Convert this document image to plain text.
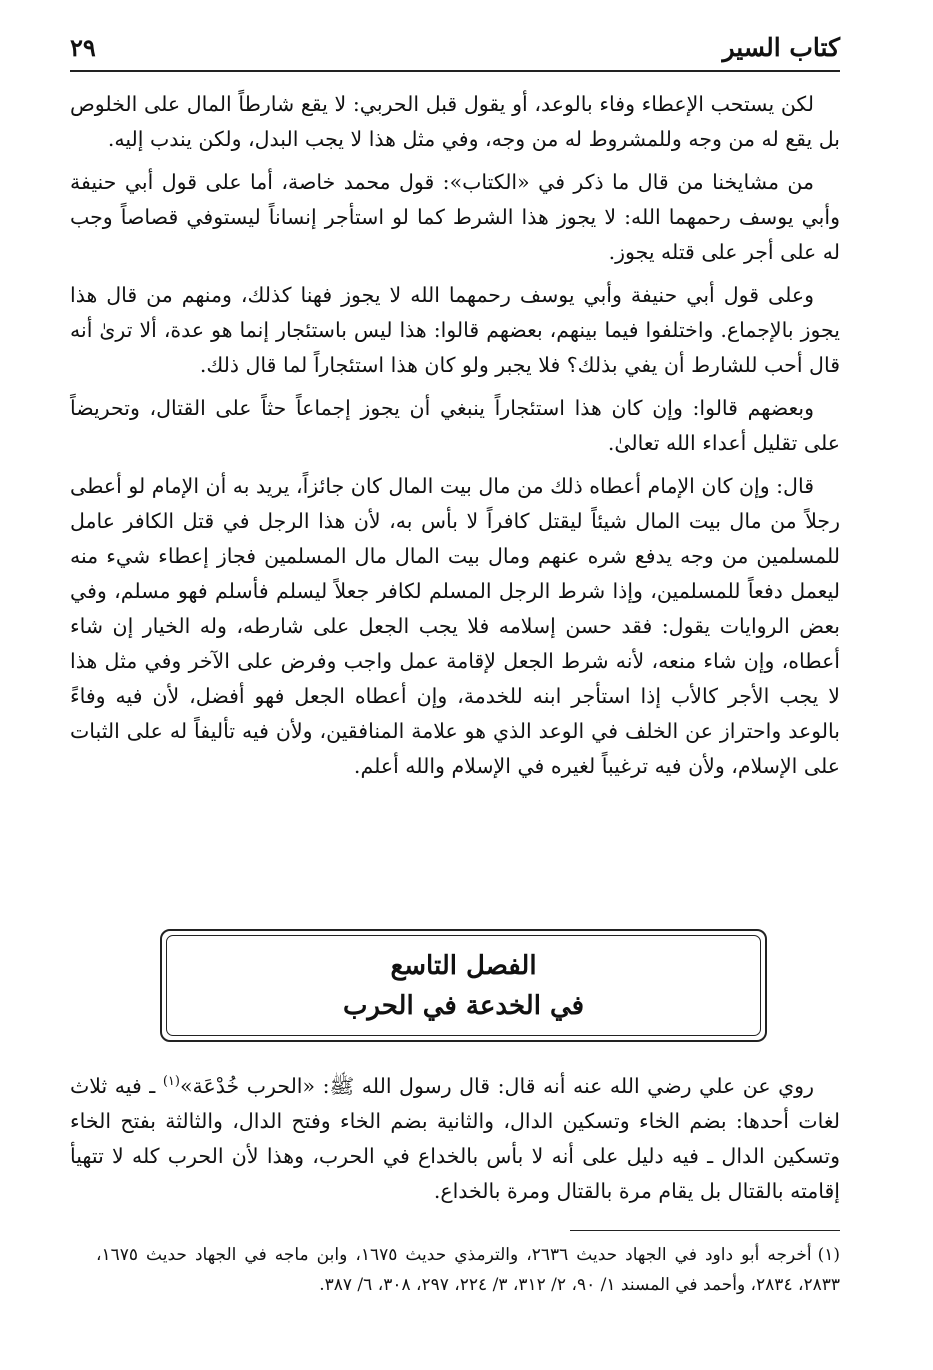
كتاب السير
٢٩

لكن يستحب الإعطاء وفاء بالوعد، أو يقول قبل الحربي: لا يقع شارطاً المال على الخلوص بل يقع له من وجه وللمشروط له من وجه، وفي مثل هذا لا يجب البدل، ولكن يندب إليه.

من مشايخنا من قال ما ذكر في «الكتاب»: قول محمد خاصة، أما على قول أبي حنيفة وأبي يوسف رحمهما الله: لا يجوز هذا الشرط كما لو استأجر إنساناً ليستوفي قصاصاً وجب له على أجر على قتله يجوز.

وعلى قول أبي حنيفة وأبي يوسف رحمهما الله لا يجوز فهنا كذلك، ومنهم من قال هذا يجوز بالإجماع. واختلفوا فيما بينهم، بعضهم قالوا: هذا ليس باستئجار إنما هو عدة، ألا ترىٰ أنه قال أحب للشارط أن يفي بذلك؟ فلا يجبر ولو كان هذا استئجاراً لما قال ذلك.

وبعضهم قالوا: وإن كان هذا استئجاراً ينبغي أن يجوز إجماعاً حثاً على القتال، وتحريضاً على تقليل أعداء الله تعالىٰ.

قال: وإن كان الإمام أعطاه ذلك من مال بيت المال كان جائزاً، يريد به أن الإمام لو أعطى رجلاً من مال بيت المال شيئاً ليقتل كافراً لا بأس به، لأن هذا الرجل في قتل الكافر عامل للمسلمين من وجه يدفع شره عنهم ومال بيت المال مال المسلمين فجاز إعطاء شيء منه ليعمل دفعاً للمسلمين، وإذا شرط الرجل المسلم لكافر جعلاً ليسلم فأسلم فهو مسلم، وفي بعض الروايات يقول: فقد حسن إسلامه فلا يجب الجعل على شارطه، وله الخيار إن شاء أعطاه، وإن شاء منعه، لأنه شرط الجعل لإقامة عمل واجب وفرض على الآخر وفي مثل هذا لا يجب الأجر كالأب إذا استأجر ابنه للخدمة، وإن أعطاه الجعل فهو أفضل، لأن فيه وفاءً بالوعد واحتراز عن الخلف في الوعد الذي هو علامة المنافقين، ولأن فيه تأليفاً له على الثبات على الإسلام، ولأن فيه ترغيباً لغيره في الإسلام والله أعلم.

الفصل التاسع
في الخدعة في الحرب

روي عن علي رضي الله عنه أنه قال: قال رسول الله ﷺ: «الحرب خُدْعَة»$^{(١)}$ ـ فيه ثلاث لغات أحدها: بضم الخاء وتسكين الدال، والثانية بضم الخاء وفتح الدال، والثالثة بفتح الخاء وتسكين الدال ـ فيه دليل على أنه لا بأس بالخداع في الحرب، وهذا لأن الحرب كله لا تتهيأ إقامته بالقتال بل يقام مرة بالقتال ومرة بالخداع.

(١)أخرجه أبو داود في الجهاد حديث ٢٦٣٦، والترمذي حديث ١٦٧٥، وابن ماجه في الجهاد حديث ١٦٧٥، ٢٨٣٣، ٢٨٣٤، وأحمد في المسند ١/ ٩٠، ٢/ ٣١٢، ٣/ ٢٢٤، ٢٩٧، ٣٠٨، ٦/ ٣٨٧.
